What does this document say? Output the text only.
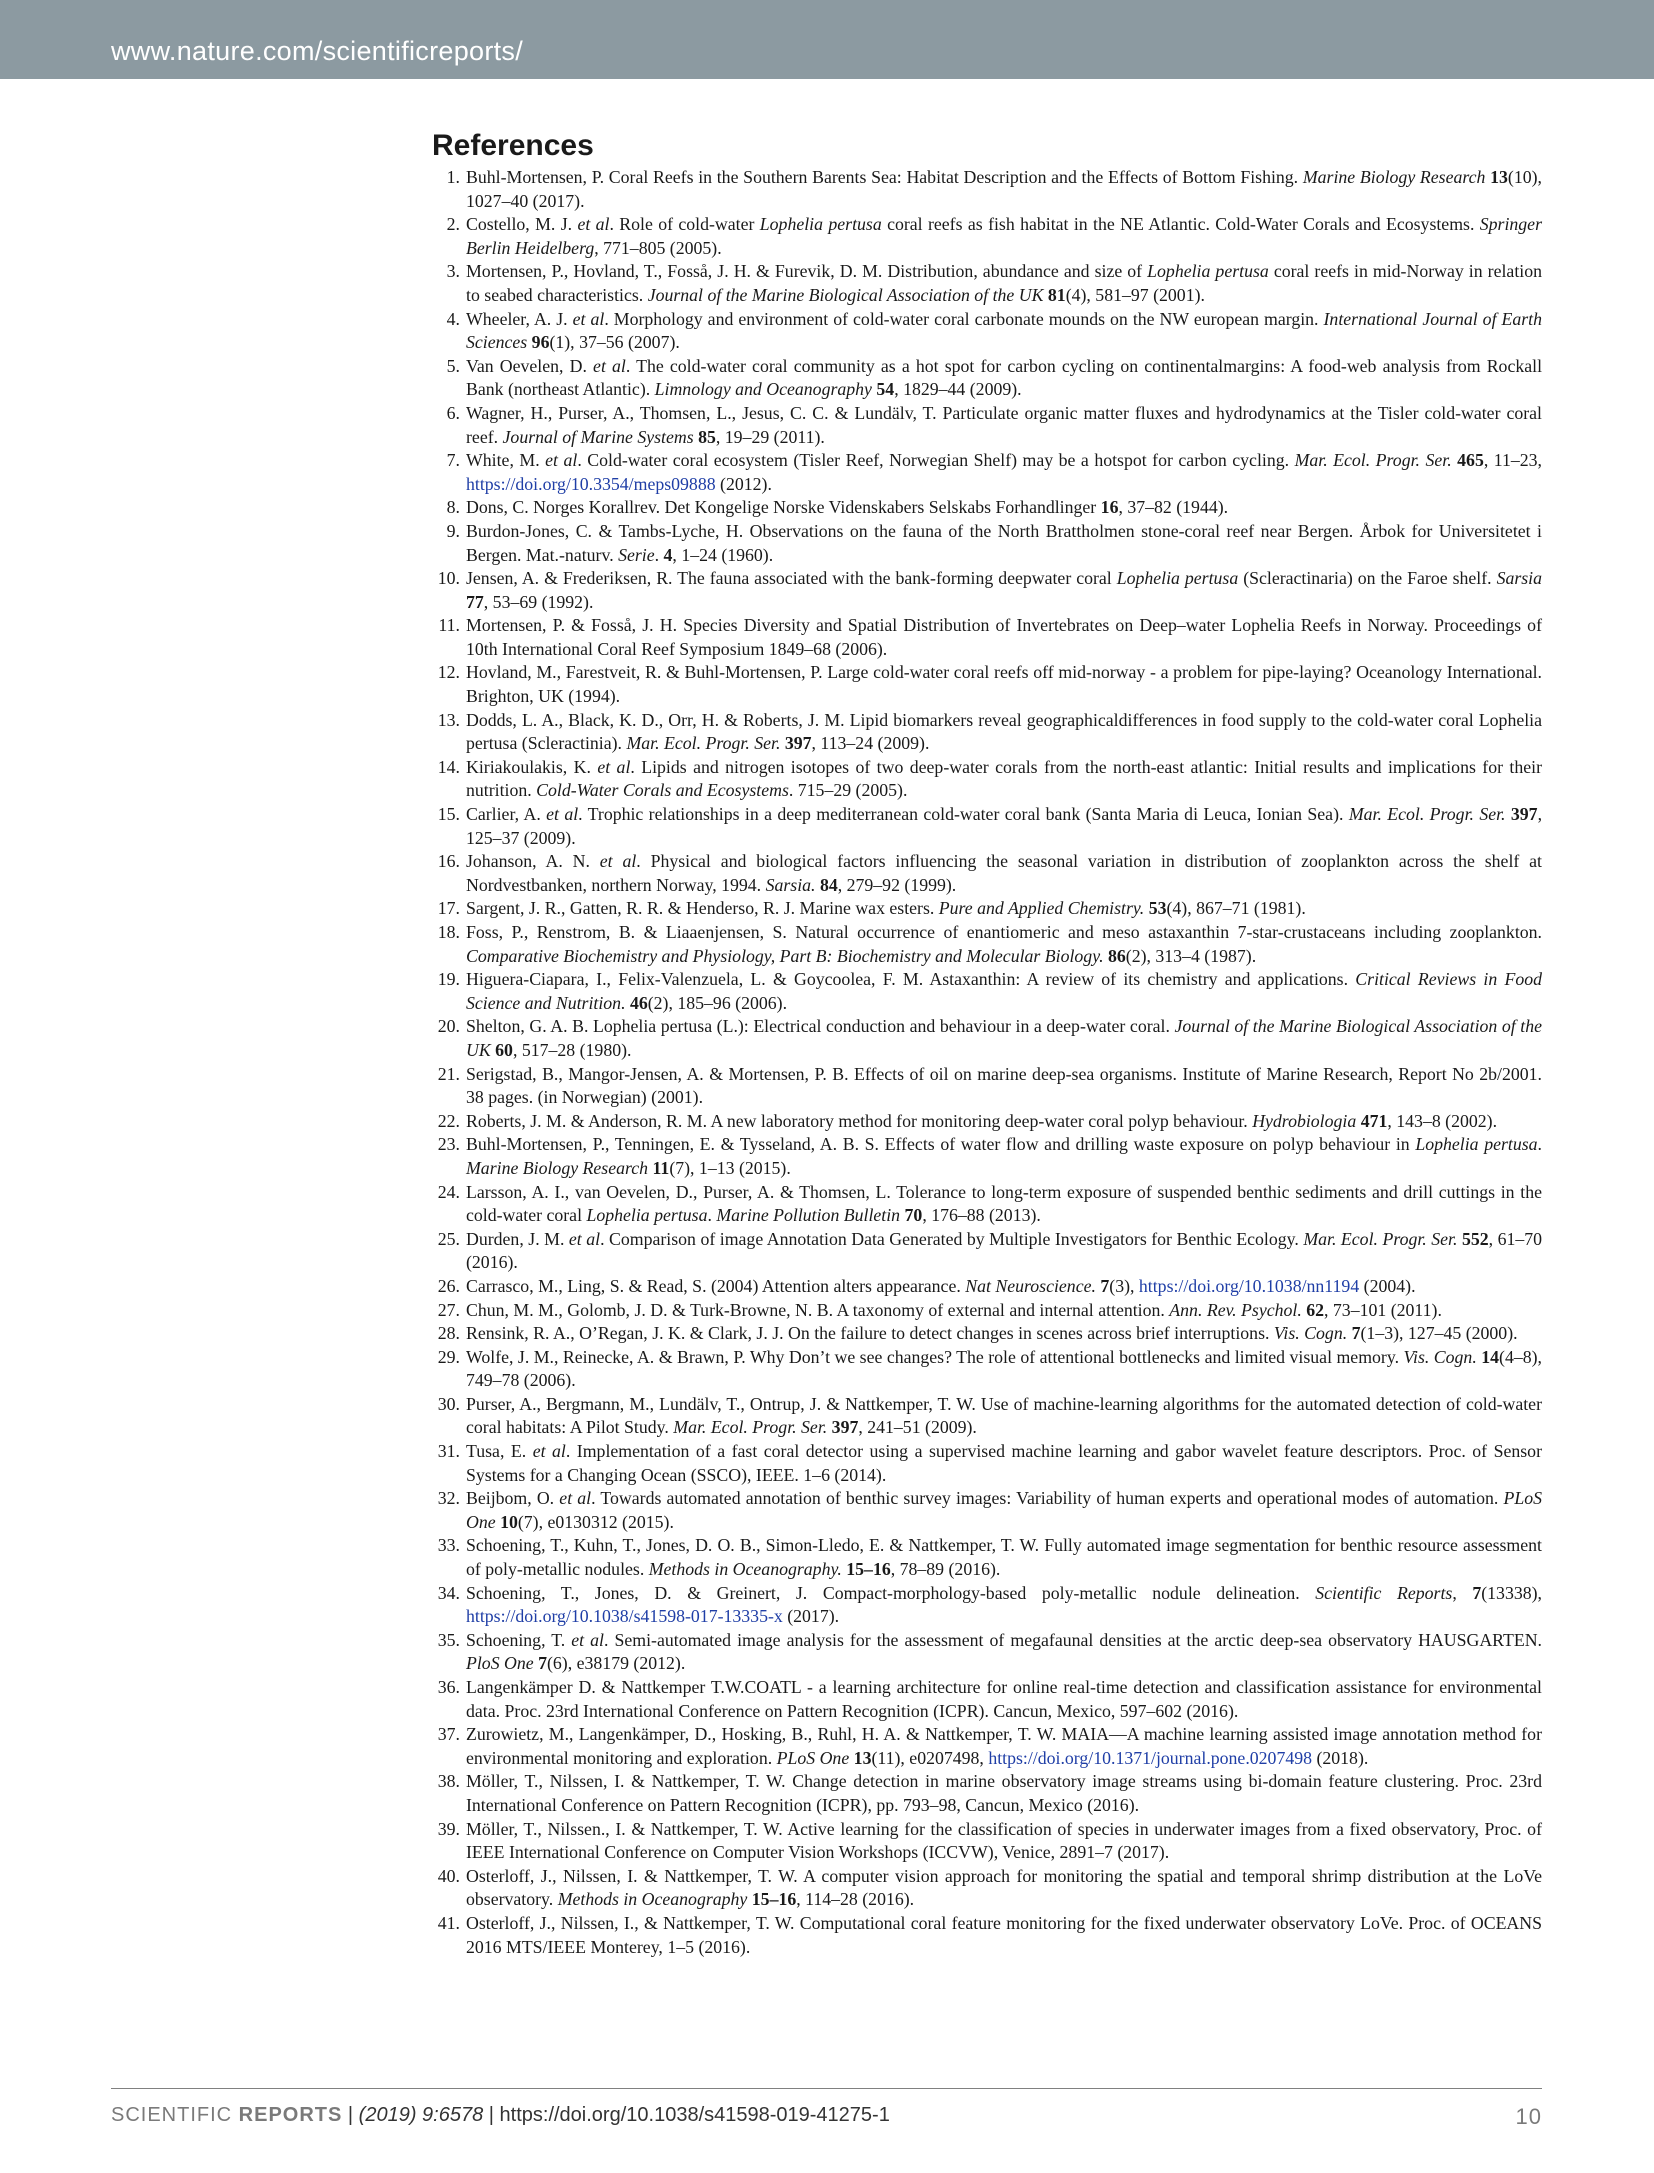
www.nature.com/scientificreports/
References
1. Buhl-Mortensen, P. Coral Reefs in the Southern Barents Sea: Habitat Description and the Effects of Bottom Fishing. Marine Biology Research 13(10), 1027–40 (2017).
2. Costello, M. J. et al. Role of cold-water Lophelia pertusa coral reefs as fish habitat in the NE Atlantic. Cold-Water Corals and Ecosystems. Springer Berlin Heidelberg, 771–805 (2005).
3. Mortensen, P., Hovland, T., Fosså, J. H. & Furevik, D. M. Distribution, abundance and size of Lophelia pertusa coral reefs in mid-Norway in relation to seabed characteristics. Journal of the Marine Biological Association of the UK 81(4), 581–97 (2001).
4. Wheeler, A. J. et al. Morphology and environment of cold-water coral carbonate mounds on the NW european margin. International Journal of Earth Sciences 96(1), 37–56 (2007).
5. Van Oevelen, D. et al. The cold-water coral community as a hot spot for carbon cycling on continentalmargins: A food-web analysis from Rockall Bank (northeast Atlantic). Limnology and Oceanography 54, 1829–44 (2009).
6. Wagner, H., Purser, A., Thomsen, L., Jesus, C. C. & Lundälv, T. Particulate organic matter fluxes and hydrodynamics at the Tisler cold-water coral reef. Journal of Marine Systems 85, 19–29 (2011).
7. White, M. et al. Cold-water coral ecosystem (Tisler Reef, Norwegian Shelf) may be a hotspot for carbon cycling. Mar. Ecol. Progr. Ser. 465, 11–23, https://doi.org/10.3354/meps09888 (2012).
8. Dons, C. Norges Korallrev. Det Kongelige Norske Videnskabers Selskabs Forhandlinger 16, 37–82 (1944).
9. Burdon-Jones, C. & Tambs-Lyche, H. Observations on the fauna of the North Brattholmen stone-coral reef near Bergen. Årbok for Universitetet i Bergen. Mat.-naturv. Serie. 4, 1–24 (1960).
10. Jensen, A. & Frederiksen, R. The fauna associated with the bank-forming deepwater coral Lophelia pertusa (Scleractinaria) on the Faroe shelf. Sarsia 77, 53–69 (1992).
11. Mortensen, P. & Fosså, J. H. Species Diversity and Spatial Distribution of Invertebrates on Deep–water Lophelia Reefs in Norway. Proceedings of 10th International Coral Reef Symposium 1849–68 (2006).
12. Hovland, M., Farestveit, R. & Buhl-Mortensen, P. Large cold-water coral reefs off mid-norway - a problem for pipe-laying? Oceanology International. Brighton, UK (1994).
13. Dodds, L. A., Black, K. D., Orr, H. & Roberts, J. M. Lipid biomarkers reveal geographicaldifferences in food supply to the cold-water coral Lophelia pertusa (Scleractinia). Mar. Ecol. Progr. Ser. 397, 113–24 (2009).
14. Kiriakoulakis, K. et al. Lipids and nitrogen isotopes of two deep-water corals from the north-east atlantic: Initial results and implications for their nutrition. Cold-Water Corals and Ecosystems. 715–29 (2005).
15. Carlier, A. et al. Trophic relationships in a deep mediterranean cold-water coral bank (Santa Maria di Leuca, Ionian Sea). Mar. Ecol. Progr. Ser. 397, 125–37 (2009).
16. Johanson, A. N. et al. Physical and biological factors influencing the seasonal variation in distribution of zooplankton across the shelf at Nordvestbanken, northern Norway, 1994. Sarsia. 84, 279–92 (1999).
17. Sargent, J. R., Gatten, R. R. & Henderso, R. J. Marine wax esters. Pure and Applied Chemistry. 53(4), 867–71 (1981).
18. Foss, P., Renstrom, B. & Liaaenjensen, S. Natural occurrence of enantiomeric and meso astaxanthin 7-star-crustaceans including zooplankton. Comparative Biochemistry and Physiology, Part B: Biochemistry and Molecular Biology. 86(2), 313–4 (1987).
19. Higuera-Ciapara, I., Felix-Valenzuela, L. & Goycoolea, F. M. Astaxanthin: A review of its chemistry and applications. Critical Reviews in Food Science and Nutrition. 46(2), 185–96 (2006).
20. Shelton, G. A. B. Lophelia pertusa (L.): Electrical conduction and behaviour in a deep-water coral. Journal of the Marine Biological Association of the UK 60, 517–28 (1980).
21. Serigstad, B., Mangor-Jensen, A. & Mortensen, P. B. Effects of oil on marine deep-sea organisms. Institute of Marine Research, Report No 2b/2001. 38 pages. (in Norwegian) (2001).
22. Roberts, J. M. & Anderson, R. M. A new laboratory method for monitoring deep-water coral polyp behaviour. Hydrobiologia 471, 143–8 (2002).
23. Buhl-Mortensen, P., Tenningen, E. & Tysseland, A. B. S. Effects of water flow and drilling waste exposure on polyp behaviour in Lophelia pertusa. Marine Biology Research 11(7), 1–13 (2015).
24. Larsson, A. I., van Oevelen, D., Purser, A. & Thomsen, L. Tolerance to long-term exposure of suspended benthic sediments and drill cuttings in the cold-water coral Lophelia pertusa. Marine Pollution Bulletin 70, 176–88 (2013).
25. Durden, J. M. et al. Comparison of image Annotation Data Generated by Multiple Investigators for Benthic Ecology. Mar. Ecol. Progr. Ser. 552, 61–70 (2016).
26. Carrasco, M., Ling, S. & Read, S. (2004) Attention alters appearance. Nat Neuroscience. 7(3), https://doi.org/10.1038/nn1194 (2004).
27. Chun, M. M., Golomb, J. D. & Turk-Browne, N. B. A taxonomy of external and internal attention. Ann. Rev. Psychol. 62, 73–101 (2011).
28. Rensink, R. A., O’Regan, J. K. & Clark, J. J. On the failure to detect changes in scenes across brief interruptions. Vis. Cogn. 7(1–3), 127–45 (2000).
29. Wolfe, J. M., Reinecke, A. & Brawn, P. Why Don’t we see changes? The role of attentional bottlenecks and limited visual memory. Vis. Cogn. 14(4–8), 749–78 (2006).
30. Purser, A., Bergmann, M., Lundälv, T., Ontrup, J. & Nattkemper, T. W. Use of machine-learning algorithms for the automated detection of cold-water coral habitats: A Pilot Study. Mar. Ecol. Progr. Ser. 397, 241–51 (2009).
31. Tusa, E. et al. Implementation of a fast coral detector using a supervised machine learning and gabor wavelet feature descriptors. Proc. of Sensor Systems for a Changing Ocean (SSCO), IEEE. 1–6 (2014).
32. Beijbom, O. et al. Towards automated annotation of benthic survey images: Variability of human experts and operational modes of automation. PLoS One 10(7), e0130312 (2015).
33. Schoening, T., Kuhn, T., Jones, D. O. B., Simon-Lledo, E. & Nattkemper, T. W. Fully automated image segmentation for benthic resource assessment of poly-metallic nodules. Methods in Oceanography. 15–16, 78–89 (2016).
34. Schoening, T., Jones, D. & Greinert, J. Compact-morphology-based poly-metallic nodule delineation. Scientific Reports, 7(13338), https://doi.org/10.1038/s41598-017-13335-x (2017).
35. Schoening, T. et al. Semi-automated image analysis for the assessment of megafaunal densities at the arctic deep-sea observatory HAUSGARTEN. PloS One 7(6), e38179 (2012).
36. Langenkämper D. & Nattkemper T.W.COATL - a learning architecture for online real-time detection and classification assistance for environmental data. Proc. 23rd International Conference on Pattern Recognition (ICPR). Cancun, Mexico, 597–602 (2016).
37. Zurowietz, M., Langenkämper, D., Hosking, B., Ruhl, H. A. & Nattkemper, T. W. MAIA—A machine learning assisted image annotation method for environmental monitoring and exploration. PLoS One 13(11), e0207498, https://doi.org/10.1371/journal.pone.0207498 (2018).
38. Möller, T., Nilssen, I. & Nattkemper, T. W. Change detection in marine observatory image streams using bi-domain feature clustering. Proc. 23rd International Conference on Pattern Recognition (ICPR), pp. 793–98, Cancun, Mexico (2016).
39. Möller, T., Nilssen., I. & Nattkemper, T. W. Active learning for the classification of species in underwater images from a fixed observatory, Proc. of IEEE International Conference on Computer Vision Workshops (ICCVW), Venice, 2891–7 (2017).
40. Osterloff, J., Nilssen, I. & Nattkemper, T. W. A computer vision approach for monitoring the spatial and temporal shrimp distribution at the LoVe observatory. Methods in Oceanography 15–16, 114–28 (2016).
41. Osterloff, J., Nilssen, I., & Nattkemper, T. W. Computational coral feature monitoring for the fixed underwater observatory LoVe. Proc. of OCEANS 2016 MTS/IEEE Monterey, 1–5 (2016).
SCIENTIFIC REPORTS | (2019) 9:6578 | https://doi.org/10.1038/s41598-019-41275-1	10
